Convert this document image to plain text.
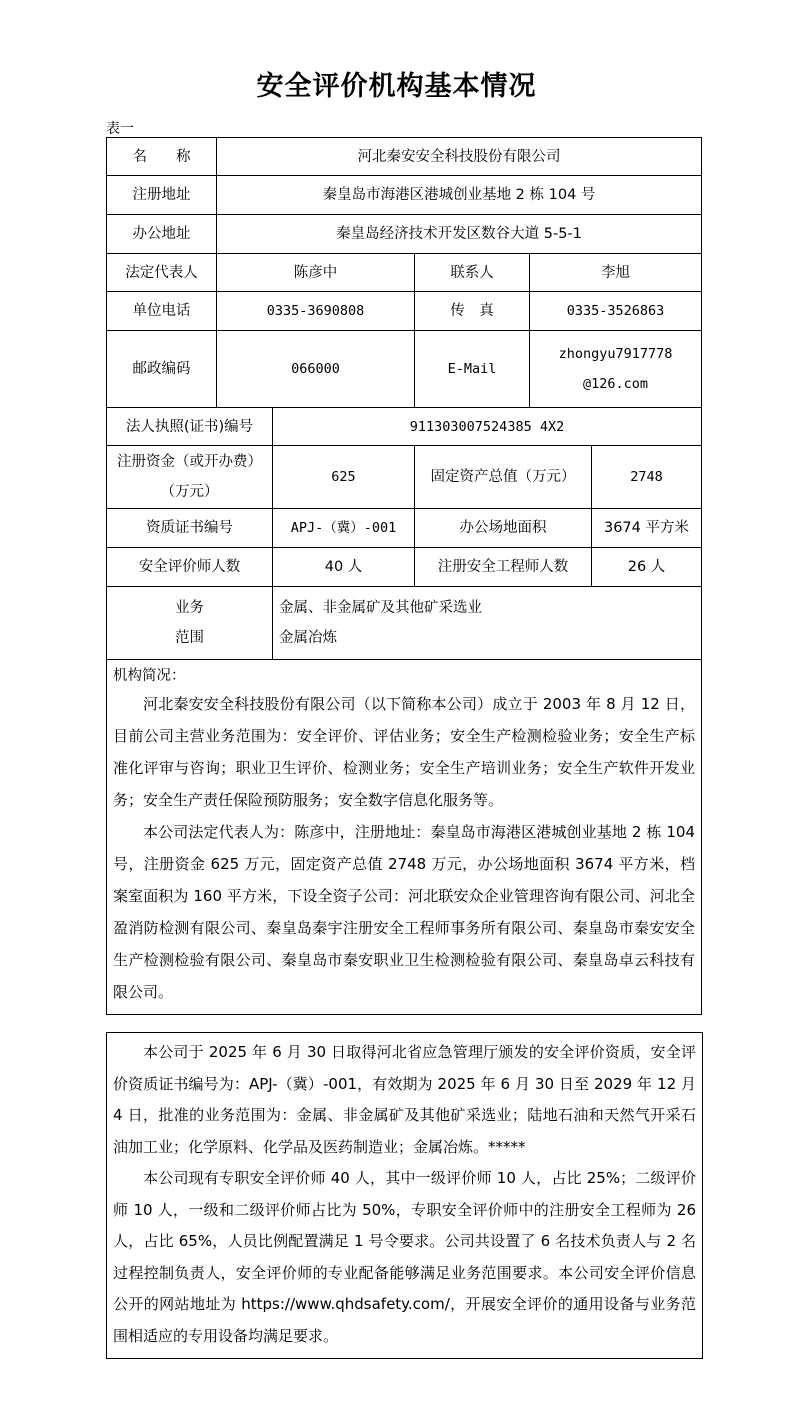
安全评价机构基本情况
表一
名　　称	河北秦安安全科技股份有限公司				
注册地址	秦皇岛市海港区港城创业基地 2 栋 104 号				
办公地址	秦皇岛经济技术开发区数谷大道 5-5-1				
法定代表人	陈彦中		联系人	李旭	
单位电话	0335-3690808		传　真	0335-3526863	
邮政编码	066000		E-Mail	zhongyu7917778
@126.com	

法人执照(证书)编号		911303007524385 4X2			

注册资金（或开办费）
（万元）		625	固定资产总值（万元）		2748
资质证书编号		APJ-（冀）-001	办公场地面积		3674 平方米
安全评价师人数		40 人	注册安全工程师人数		26 人

业务
范围		金属、非金属矿及其他矿采选业
金属冶炼			

机构简况：

河北秦安安全科技股份有限公司（以下简称本公司）成立于 2003 年 8 月 12 日，目前公司主营业务范围为：安全评价、评估业务；安全生产检测检验业务；安全生产标准化评审与咨询；职业卫生评价、检测业务；安全生产培训业务；安全生产软件开发业务；安全生产责任保险预防服务；安全数字信息化服务等。

本公司法定代表人为：陈彦中，注册地址：秦皇岛市海港区港城创业基地 2 栋 104 号，注册资金 625 万元，固定资产总值 2748 万元，办公场地面积 3674 平方米，档案室面积为 160 平方米，下设全资子公司：河北联安众企业管理咨询有限公司、河北全盈消防检测有限公司、秦皇岛秦宇注册安全工程师事务所有限公司、秦皇岛市秦安安全生产检测检验有限公司、秦皇岛市秦安职业卫生检测检验有限公司、秦皇岛卓云科技有限公司。					

本公司于 2025 年 6 月 30 日取得河北省应急管理厅颁发的安全评价资质，安全评价资质证书编号为：APJ-（冀）-001，有效期为 2025 年 6 月 30 日至 2029 年 12 月 4 日，批准的业务范围为：金属、非金属矿及其他矿采选业；陆地石油和天然气开采石油加工业；化学原料、化学品及医药制造业；金属冶炼。*****

本公司现有专职安全评价师 40 人，其中一级评价师 10 人，占比 25%；二级评价师 10 人，一级和二级评价师占比为 50%，专职安全评价师中的注册安全工程师为 26 人，占比 65%，人员比例配置满足 1 号令要求。公司共设置了 6 名技术负责人与 2 名过程控制负责人，安全评价师的专业配备能够满足业务范围要求。本公司安全评价信息公开的网站地址为 https://www.qhdsafety.com/，开展安全评价的通用设备与业务范围相适应的专用设备均满足要求。
